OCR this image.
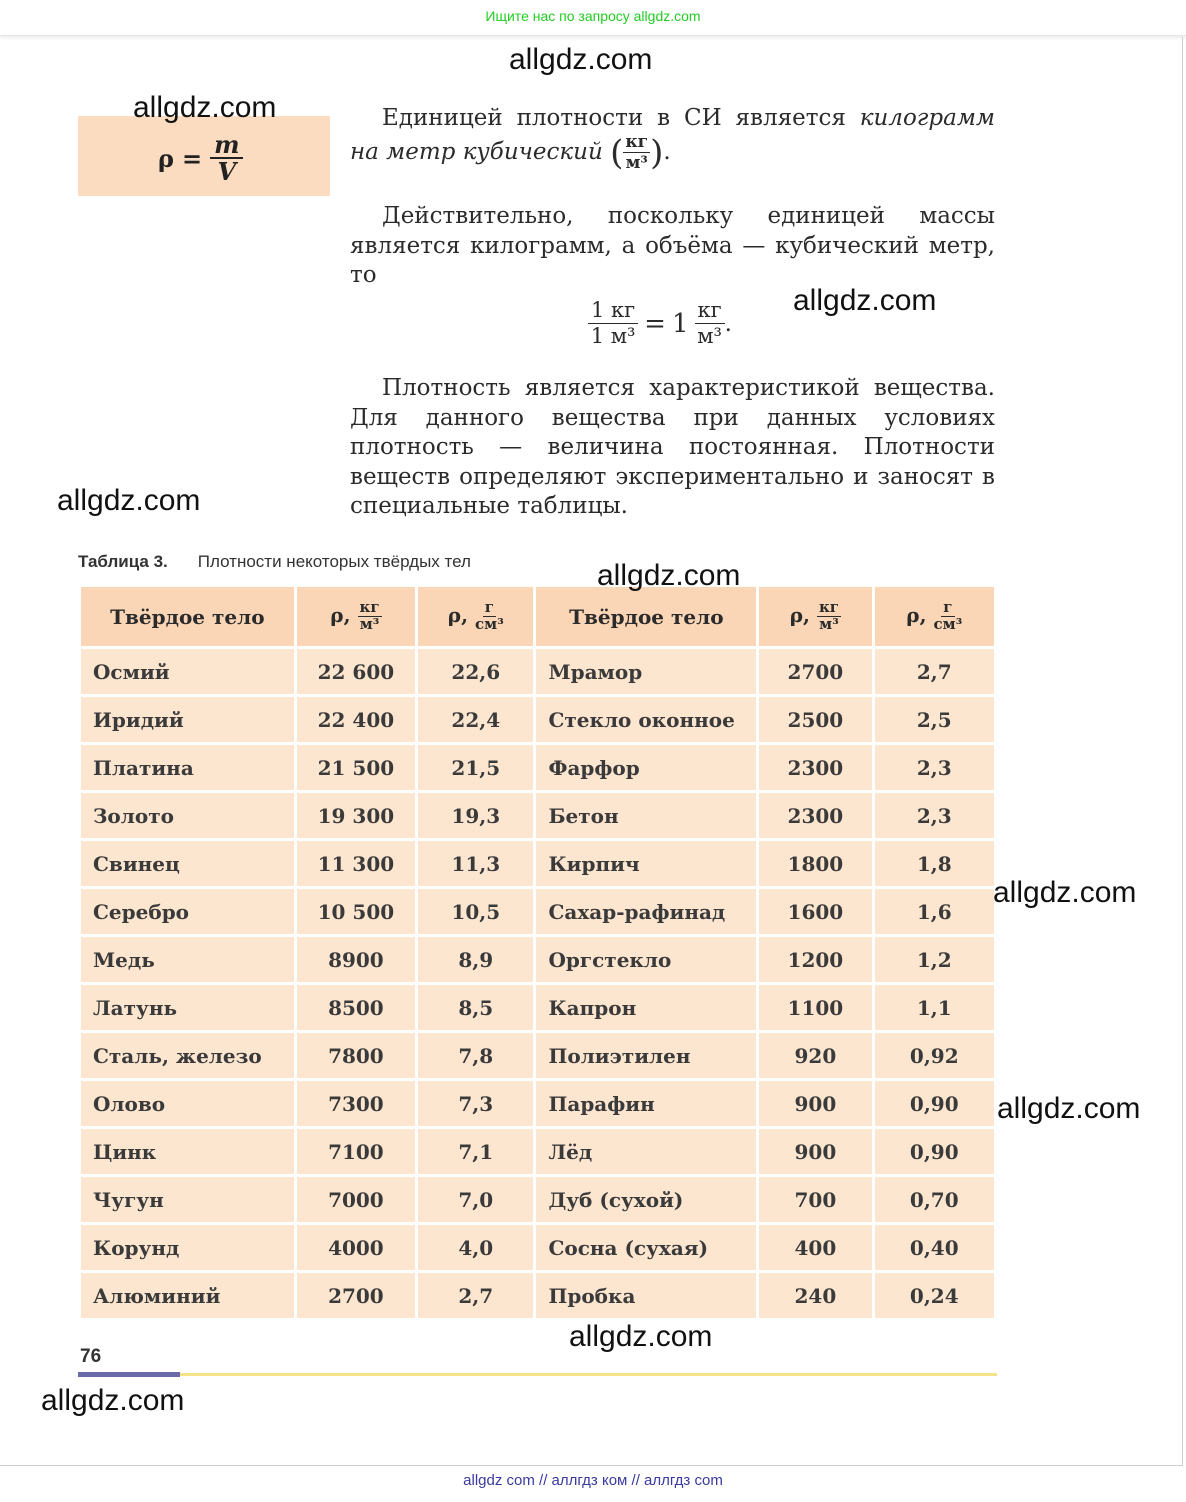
Ищите нас по запросу allgdz.com
$\rho = \frac{m}{V}$
Единицей плотности в СИ является килограмм на метр кубический ( $\frac{кг}{\text{м³}}$ ).
Действительно, поскольку единицей массы является килограмм, а объёма — кубический метр, то
1 кг
1 м³ = 1 кг
м³ .
Плотность является характеристикой вещества. Для данного вещества при данных условиях плотность — величина постоянная. Плотности веществ определяют экспериментально и заносят в специальные таблицы.
Таблица 3. Плотности некоторых твёрдых тел
Твёрдое тело	ρ, кг
м³	ρ, г
см³	Твёрдое тело	ρ, кг
м³	ρ, г
см³

Осмий	22 600	22,6	Мрамор	2700	2,7
Иридий	22 400	22,4	Стекло оконное	2500	2,5
Платина	21 500	21,5	Фарфор	2300	2,3
Золото	19 300	19,3	Бетон	2300	2,3
Свинец	11 300	11,3	Кирпич	1800	1,8
Серебро	10 500	10,5	Сахар-рафинад	1600	1,6
Медь	8900	8,9	Оргстекло	1200	1,2
Латунь	8500	8,5	Капрон	1100	1,1
Сталь, железо	7800	7,8	Полиэтилен	920	0,92
Олово	7300	7,3	Парафин	900	0,90
Цинк	7100	7,1	Лёд	900	0,90
Чугун	7000	7,0	Дуб (сухой)	700	0,70
Корунд	4000	4,0	Сосна (сухая)	400	0,40
Алюминий	2700	2,7	Пробка	240	0,24
76
allgdz.com
allgdz.com
allgdz.com
allgdz.com
allgdz.com
allgdz.com
allgdz.com
allgdz.com
allgdz.com
allgdz com // аллгдз ком // аллгдз com
